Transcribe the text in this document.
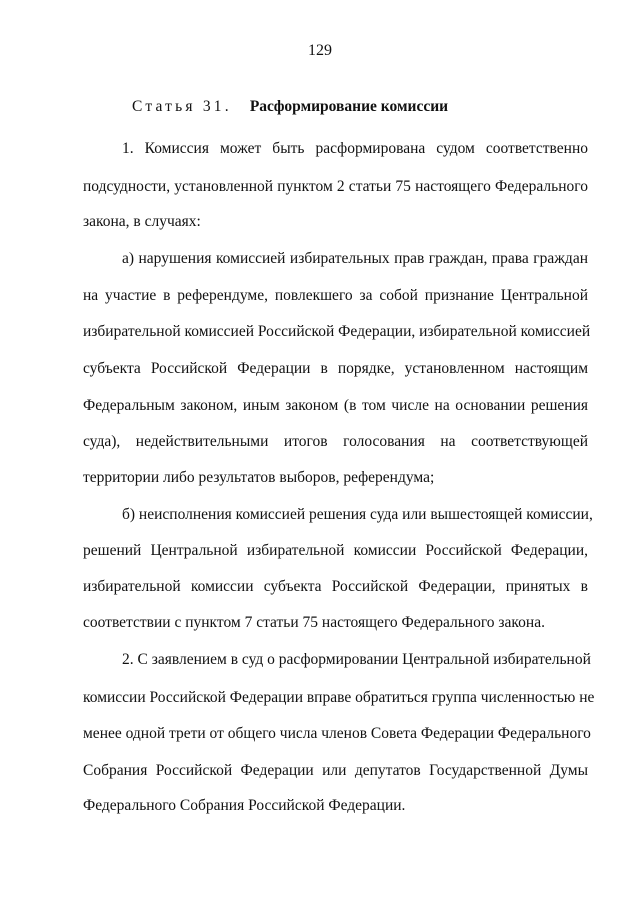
129
Статья 31. Расформирование комиссии
1. Комиссия может быть расформирована судом соответственно
подсудности, установленной пунктом 2 статьи 75 настоящего Федерального
закона, в случаях:
а) нарушения комиссией избирательных прав граждан, права граждан
на участие в референдуме, повлекшего за собой признание Центральной
избирательной комиссией Российской Федерации, избирательной комиссией
субъекта Российской Федерации в порядке, установленном настоящим
Федеральным законом, иным законом (в том числе на основании решения
суда), недействительными итогов голосования на соответствующей
территории либо результатов выборов, референдума;
б) неисполнения комиссией решения суда или вышестоящей комиссии,
решений Центральной избирательной комиссии Российской Федерации,
избирательной комиссии субъекта Российской Федерации, принятых в
соответствии с пунктом 7 статьи 75 настоящего Федерального закона.
2. С заявлением в суд о расформировании Центральной избирательной
комиссии Российской Федерации вправе обратиться группа численностью не
менее одной трети от общего числа членов Совета Федерации Федерального
Собрания Российской Федерации или депутатов Государственной Думы
Федерального Собрания Российской Федерации.
